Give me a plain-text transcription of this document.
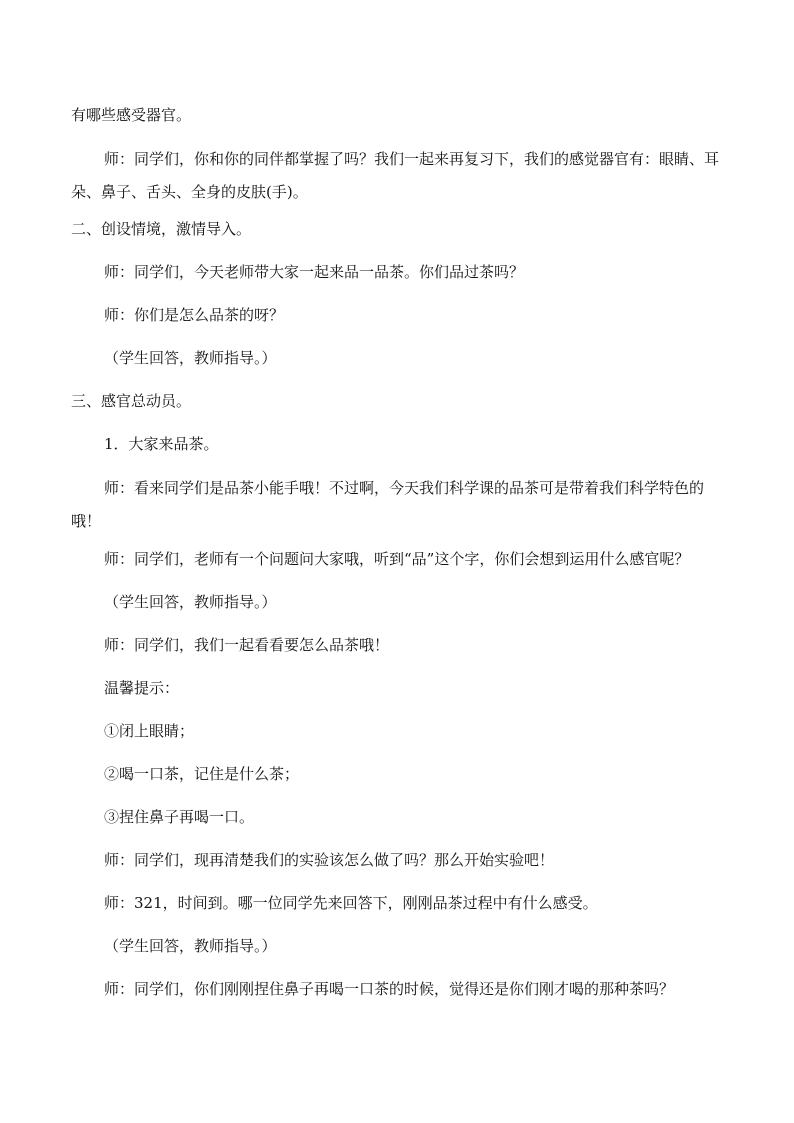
有哪些感受器官。

师：同学们，你和你的同伴都掌握了吗？我们一起来再复习下，我们的感觉器官有：眼睛、耳朵、鼻子、舌头、全身的皮肤(手)。

二、创设情境，激情导入。

师：同学们，今天老师带大家一起来品一品茶。你们品过茶吗？

师：你们是怎么品茶的呀？

（学生回答，教师指导。）

三、感官总动员。

1．大家来品茶。

师：看来同学们是品茶小能手哦！不过啊，今天我们科学课的品茶可是带着我们科学特色的哦！

师：同学们，老师有一个问题问大家哦，听到“品”这个字，你们会想到运用什么感官呢？

（学生回答，教师指导。）

师：同学们，我们一起看看要怎么品茶哦！

温馨提示：

①闭上眼睛；

②喝一口茶，记住是什么茶；

③捏住鼻子再喝一口。

师：同学们，现再清楚我们的实验该怎么做了吗？那么开始实验吧！

师：321，时间到。哪一位同学先来回答下，刚刚品茶过程中有什么感受。

（学生回答，教师指导。）

师：同学们，你们刚刚捏住鼻子再喝一口茶的时候，觉得还是你们刚才喝的那种茶吗？
